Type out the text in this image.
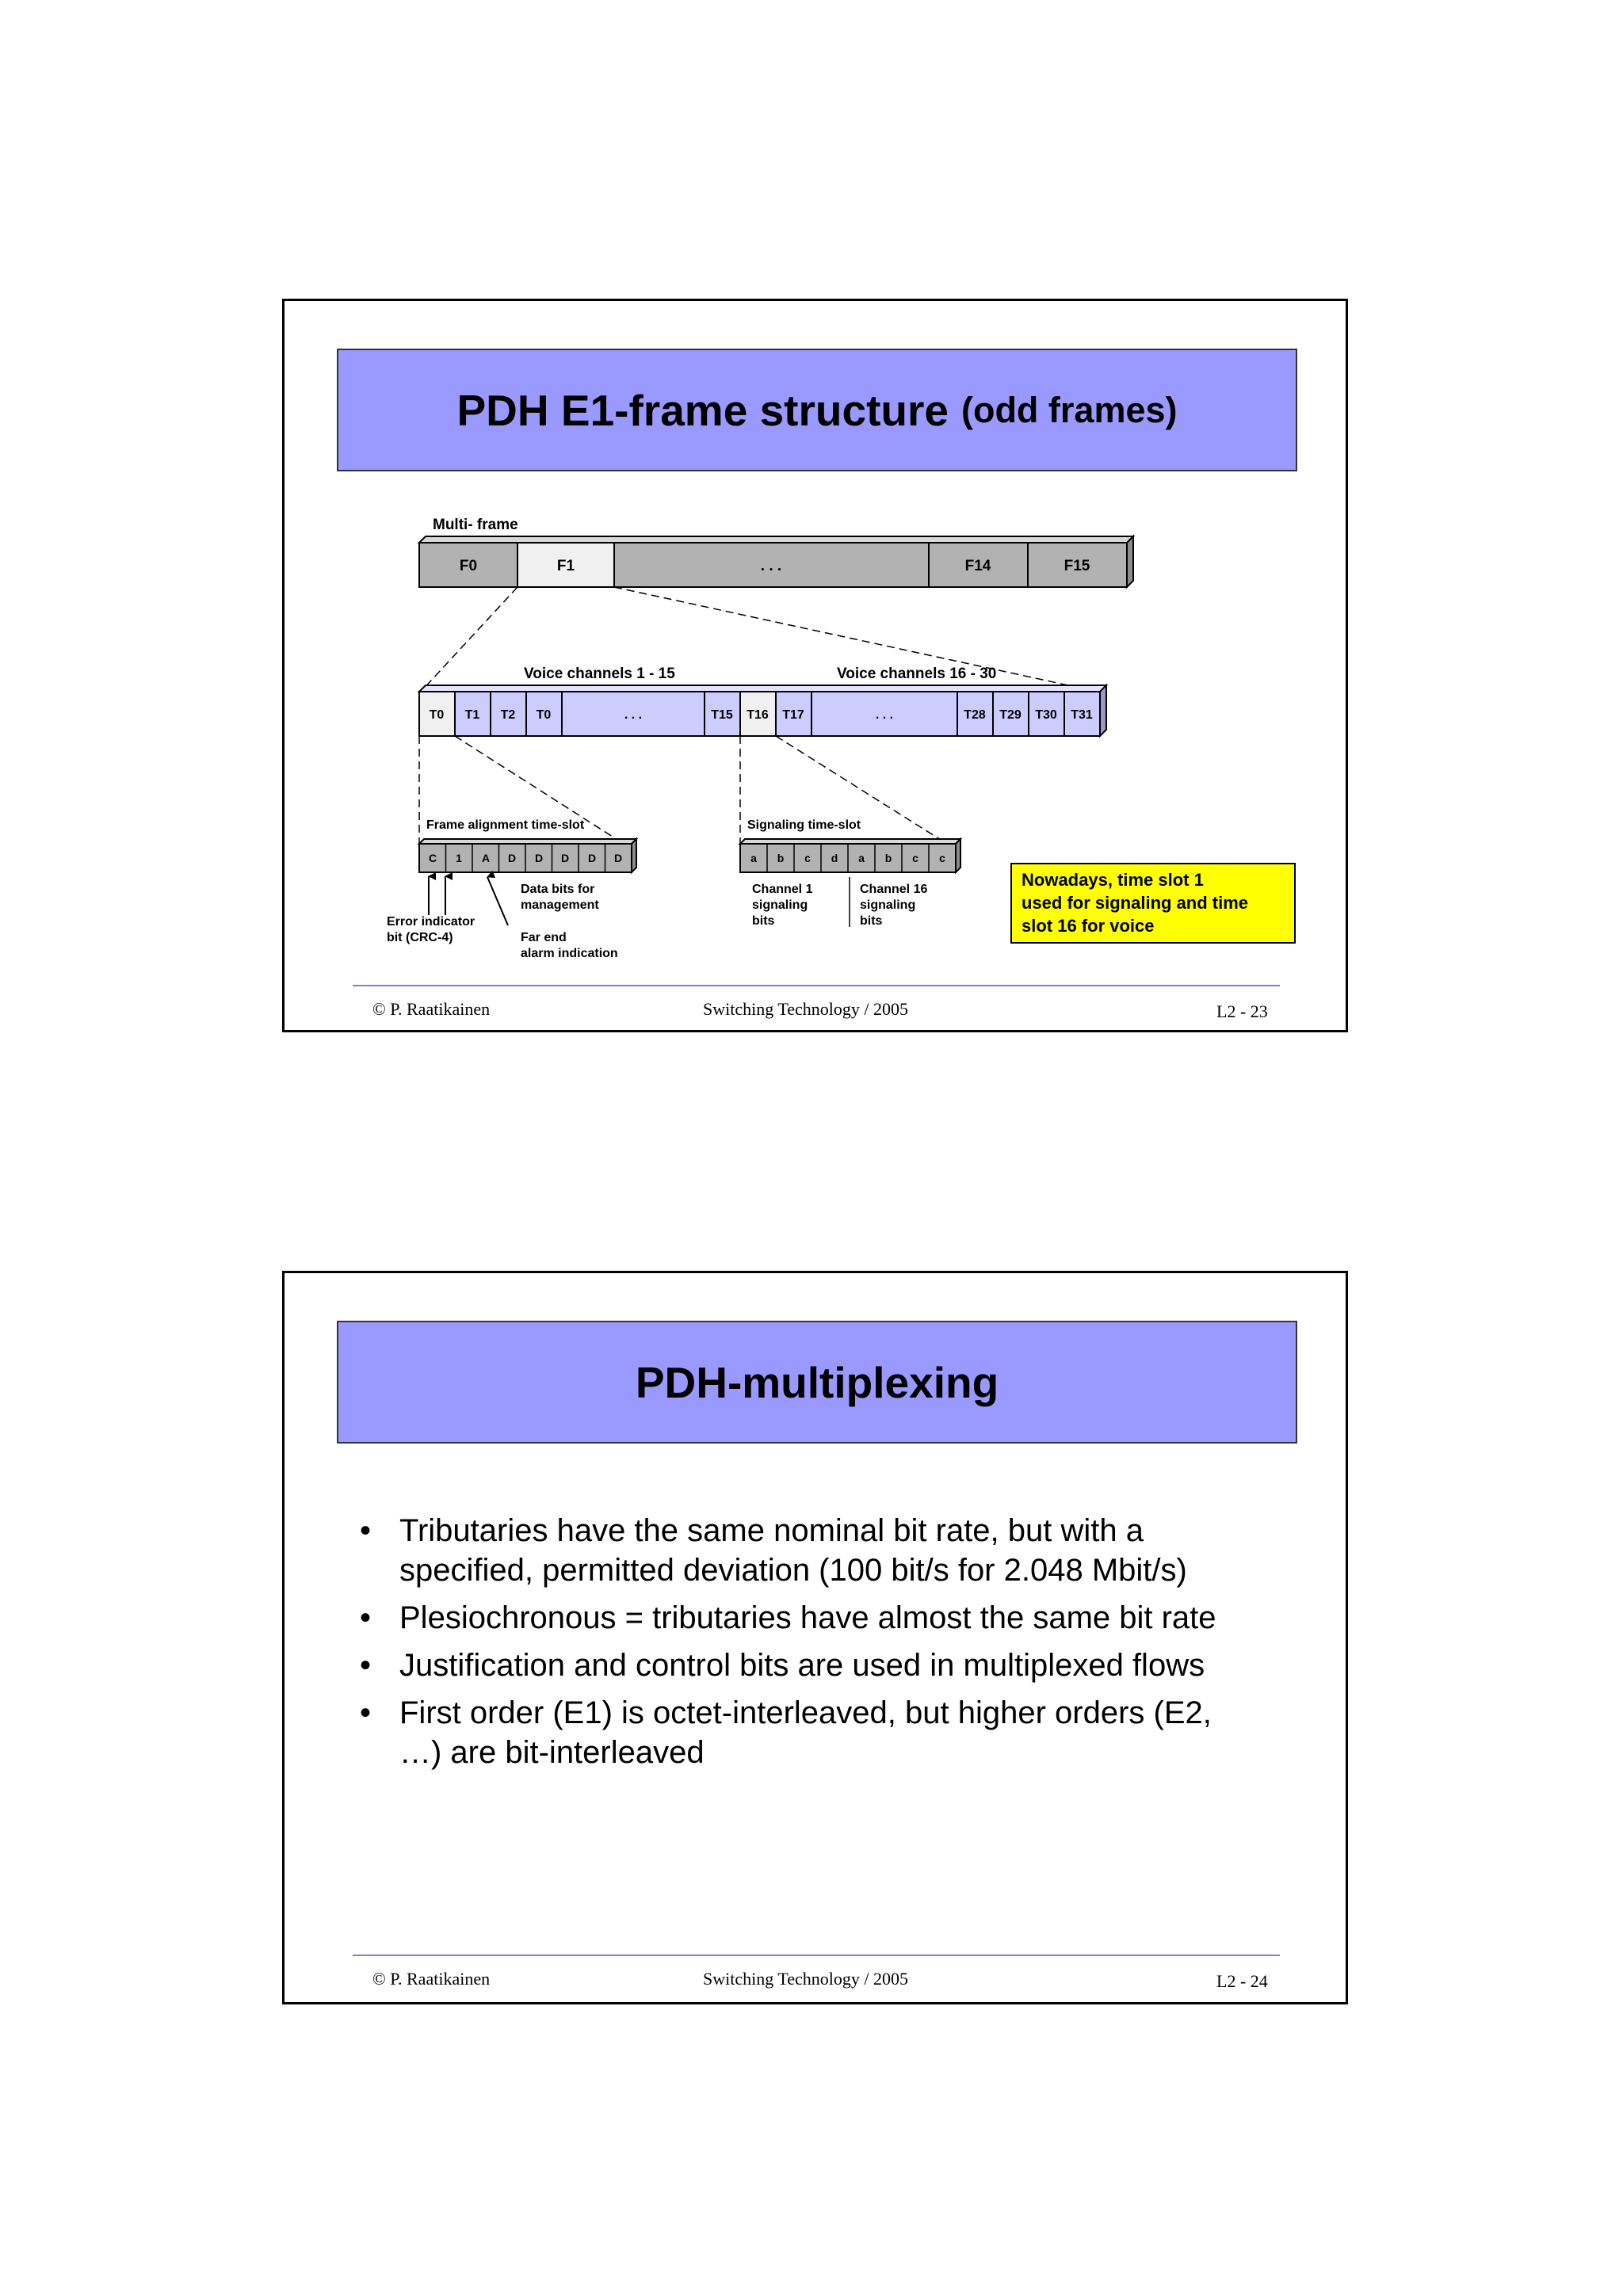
PDH E1-frame structure (odd frames)
Multi- frame
F0	F1	. . .	F14	F15
Voice channels 1 - 15	Voice channels 16 - 30
T0 T1 T2 T0	. . .	T15 T16 T17	. . .	T28 T29 T30 T31
Frame alignment time-slot
C 1 A D D D D D
Signaling time-slot
a b c d a b c c
Data bits for
management
Error indicator
bit (CRC-4)	Far end
alarm indication
Channel 1
signaling
bits
Channel 16
signaling
bits
Nowadays, time slot 1
used for signaling and time
slot 16 for voice
© P. Raatikainen	Switching Technology / 2005	L2 - 23
PDH-multiplexing
• Tributaries have the same nominal bit rate, but with a
specified, permitted deviation (100 bit/s for 2.048 Mbit/s)
• Plesiochronous = tributaries have almost the same bit rate
• Justification and control bits are used in multiplexed flows
• First order (E1) is octet-interleaved, but higher orders (E2,
…) are bit-interleaved
© P. Raatikainen	Switching Technology / 2005	L2 - 24
